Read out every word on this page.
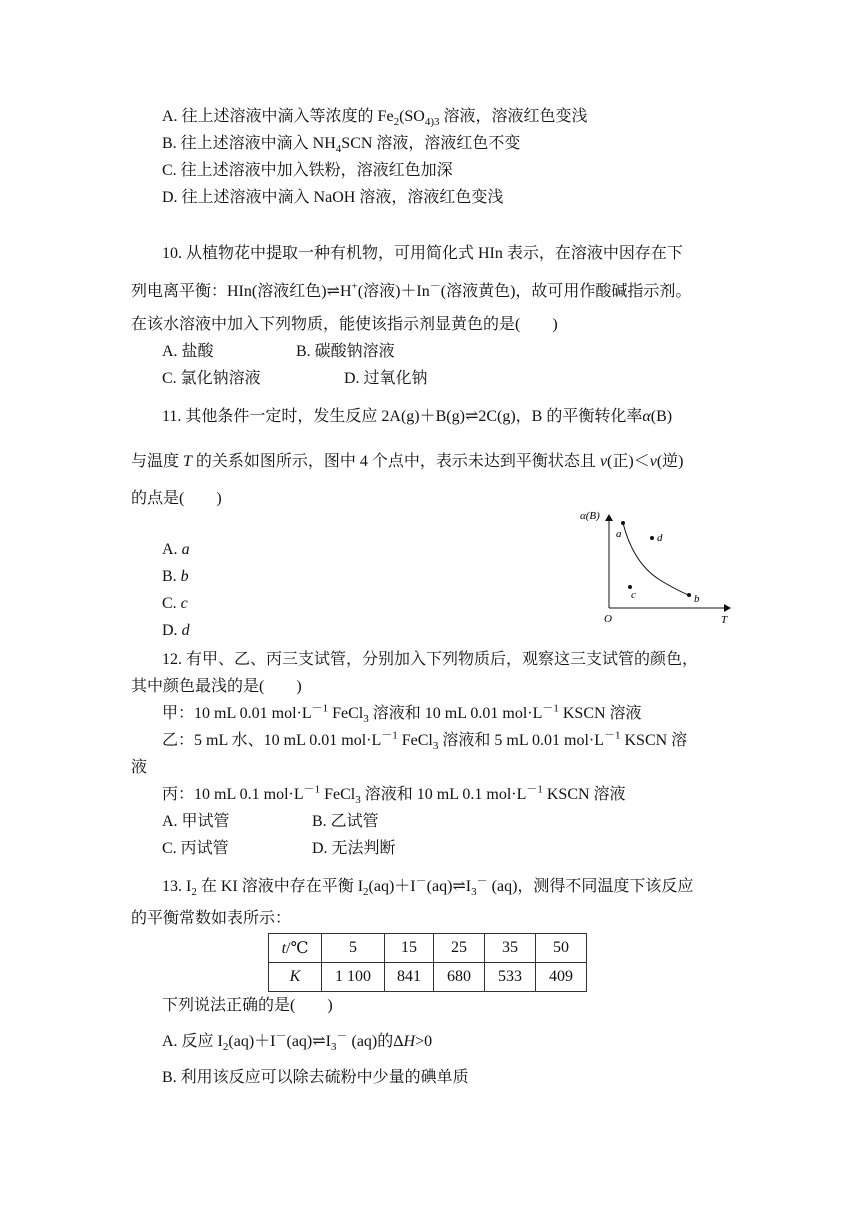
A. 往上述溶液中滴入等浓度的 $Fe_2(SO_{4)3}$ 溶液，溶液红色变浅
B. 往上述溶液中滴入 $NH_4SCN$ 溶液，溶液红色不变
C. 往上述溶液中加入铁粉，溶液红色加深
D. 往上述溶液中滴入 NaOH 溶液，溶液红色变浅
10. 从植物花中提取一种有机物，可用简化式 HIn 表示，在溶液中因存在下
列电离平衡：HIn(溶液红色)⇌H+(溶液)＋In－(溶液黄色)，故可用作酸碱指示剂。
在该水溶液中加入下列物质，能使该指示剂显黄色的是(　　)
A. 盐酸	B. 碳酸钠溶液
C. 氯化钠溶液	D. 过氧化钠
11. 其他条件一定时，发生反应 2A(g)＋B(g)⇌2C(g)，B 的平衡转化率α(B)
与温度 T 的关系如图所示，图中 4 个点中，表示未达到平衡状态且 v(正)＜v(逆)
的点是(　　)
A. a
B. b
C. c
D. d
α(B)
T
O
a	d
c	b
12. 有甲、乙、丙三支试管，分别加入下列物质后，观察这三支试管的颜色，
其中颜色最浅的是(　　)
甲：10 mL 0.01 $mol\cdot L^{-1}$ FeCl$_3$ 溶液和 10 mL 0.01 $mol\cdot L^{-1}$ KSCN 溶液
乙：5 mL 水、10 mL 0.01 $mol\cdot L^{-1}$ FeCl$_3$ 溶液和 5 mL 0.01 $mol\cdot L^{-1}$ KSCN 溶
液
丙：10 mL 0.1 $mol\cdot L^{-1}$ FeCl$_3$ 溶液和 10 mL 0.1 $mol\cdot L^{-1}$ KSCN 溶液
A. 甲试管	B. 乙试管
C. 丙试管	D. 无法判断
13. $I_2$ 在 KI 溶液中存在平衡 $I_2(aq)+I^-(aq)\rightleftharpoons I_3^-$ (aq)，测得不同温度下该反应
的平衡常数如表所示：
t/℃	5	15	25	35	50
K	1 100	841	680	533	409
下列说法正确的是(　　)
A. 反应 $I_2(aq)+I^-(aq)\rightleftharpoons I_3^-$ (aq)的ΔH>0
B. 利用该反应可以除去硫粉中少量的碘单质
